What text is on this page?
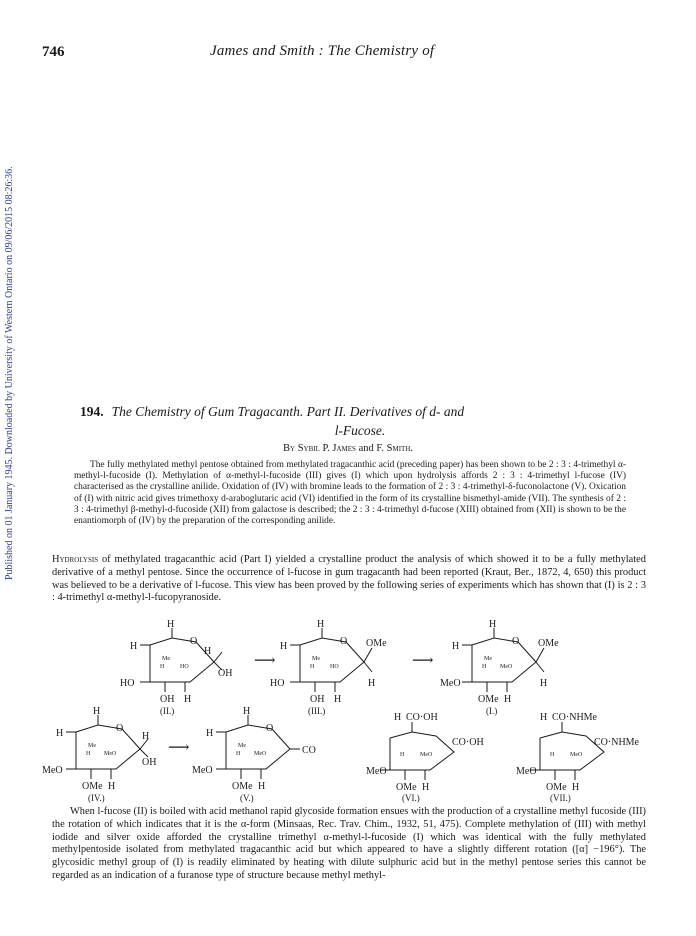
Published on 01 January 1945. Downloaded by University of Western Ontario on 09/06/2015 08:26:36.
746	James and Smith : The Chemistry of
194. The Chemistry of Gum Tragacanth. Part II. Derivatives of d- and
l-Fucose.
By Sybil P. James and F. Smith.

The fully methylated methyl pentose obtained from methylated tragacanthic acid (preceding paper) has been shown to be 2 : 3 : 4-trimethyl α-methyl-l-fucoside (I). Methylation of α-methyl-l-fucoside (III) gives (I) which upon hydrolysis affords 2 : 3 : 4-trimethyl l-fucose (IV) characterised as the crystalline anilide. Oxidation of (IV) with bromine leads to the formation of 2 : 3 : 4-trimethyl-δ-fuconolactone (V). Oxication of (I) with nitric acid gives trimethoxy d-araboglutaric acid (VI) identified in the form of its crystalline bismethyl-amide (VII). The synthesis of 2 : 3 : 4-trimethyl β-methyl-d-fucoside (XII) from galactose is described; the 2 : 3 : 4-trimethyl d-fucose (XIII) obtained from (XII) is shown to be the enantiomorph of (IV) by the preparation of the corresponding anilide.

Hydrolysis of methylated tragacanthic acid (Part I) yielded a crystalline product the analysis of which showed it to be a fully methylated derivative of a methyl pentose. Since the occurrence of l-fucose in gum tragacanth had been reported (Kraut, Ber., 1872, 4, 650) this product was believed to be a derivative of l-fucose. This view has been proved by the following series of experiments which has shown that (I) is 2 : 3 : 4-trimethyl α-methyl-l-fucopyranoside.

H
H	O
H
OH
HO
OH H
Me
H	HO
(II.)
⟶
H
H	O OMe
H
HO
OH H
Me
H	HO
(III.)
⟶
H
H	O OMe
H
MeO
OMe H
Me
H MeO
(I.)
H
H	O
H
OH
MeO
OMe H
Me
H MeO
(IV.)
⟶
H
H	O
CO
MeO
OMe H
Me
H MeO
(V.)
H CO·OH
CO·OH
MeO
OMe H
H	MeO
(VI.)
H CO·NHMe
CO·NHMe
MeO
OMe H
H	MeO
(VII.)

When l-fucose (II) is boiled with acid methanol rapid glycoside formation ensues with the production of a crystalline methyl fucoside (III) the rotation of which indicates that it is the α-form (Minsaas, Rec. Trav. Chim., 1932, 51, 475). Complete methylation of (III) with methyl iodide and silver oxide afforded the crystalline trimethyl α-methyl-l-fucoside (I) which was identical with the fully methylated methylpentoside isolated from methylated tragacanthic acid but which appeared to have a slightly different rotation ([α] −196°). The glycosidic methyl group of (I) is readily eliminated by heating with dilute sulphuric acid but in the methyl pentose series this cannot be regarded as an indication of a furanose type of structure because methyl methyl-
